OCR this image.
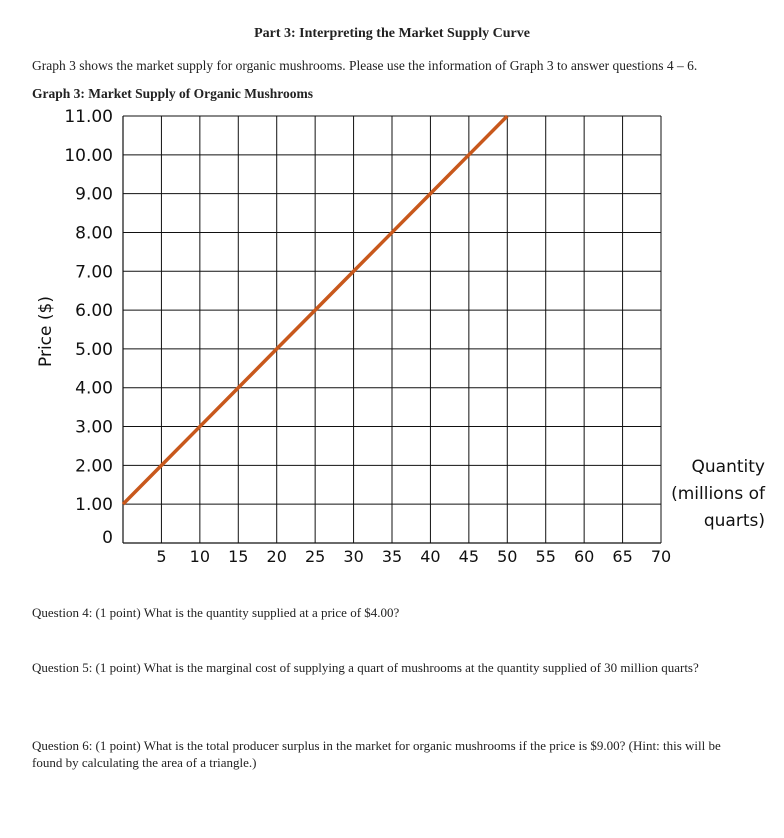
Part 3: Interpreting the Market Supply Curve
Graph 3 shows the market supply for organic mushrooms. Please use the information of Graph 3 to answer questions 4 – 6.
Graph 3: Market Supply of Organic Mushrooms
0
1.00
2.00
3.00
4.00
5.00
6.00
7.00
8.00
9.00
10.00
11.00
5 10 15 20 25 30 35 40 45 50 55 60 65 70
Price ($)
Quantity
(millions of
quarts)
Question 4: (1 point) What is the quantity supplied at a price of $4.00?
Question 5: (1 point) What is the marginal cost of supplying a quart of mushrooms at the quantity supplied of 30 million quarts?
Question 6: (1 point) What is the total producer surplus in the market for organic mushrooms if the price is $9.00? (Hint: this will be found by calculating the area of a triangle.)
